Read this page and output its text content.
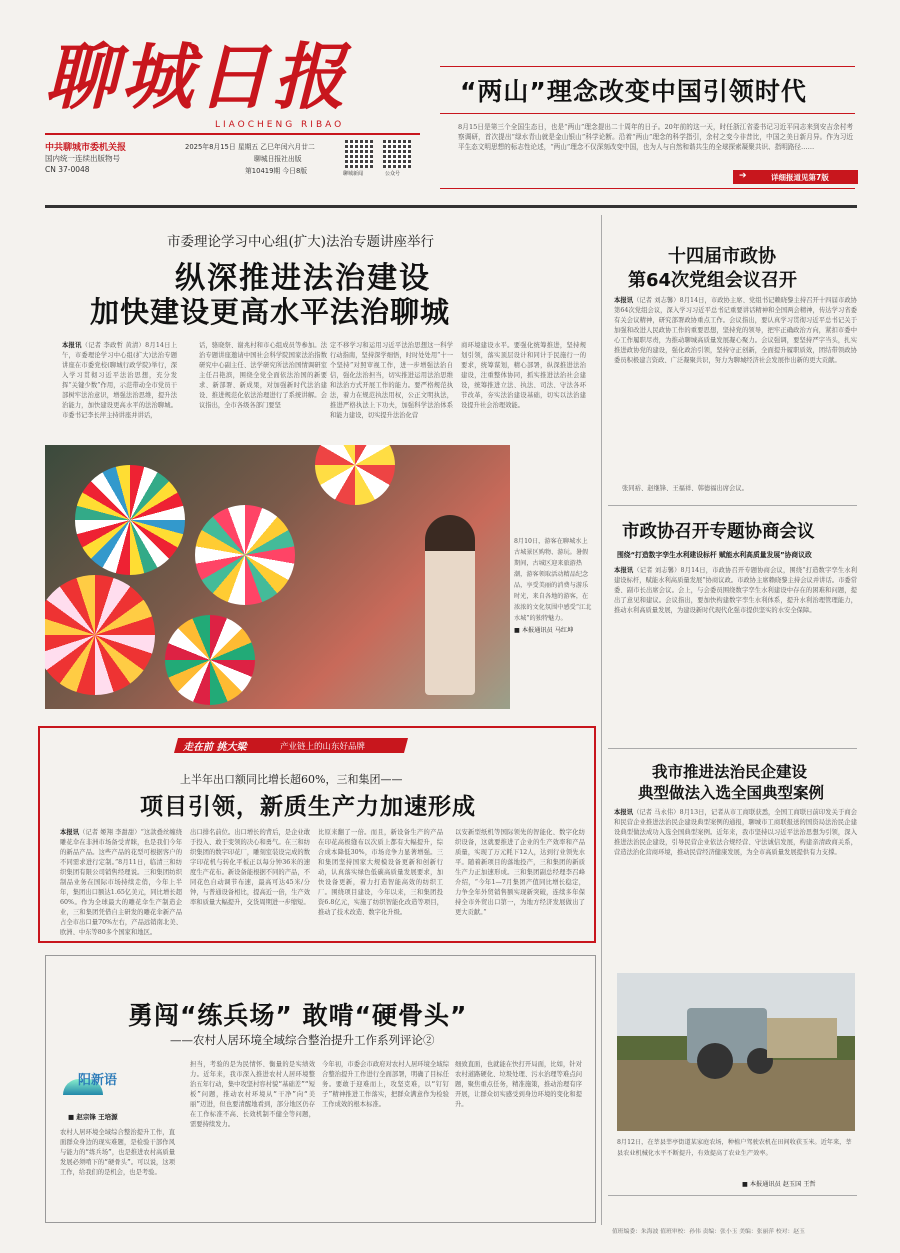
聊城日报
LIAOCHENG RIBAO
中共聊城市委机关报
国内统一连续出版物号
CN 37-0048
2025年8月15日 星期五 乙巳年闰六月廿二
聊城日报社出版
第10419期 今日8版	聊城新闻	公众号
“两山”理念改变中国引领时代
8月15日是第三个全国生态日，也是“两山”理念提出二十周年的日子。20年前的这一天，时任浙江省委书记习近平同志来到安吉余村考察调研，首次提出“绿水青山就是金山银山”科学论断。沿着“两山”理念的科学指引，余村之变今非昔比，中国之美日新月异。作为习近平生态文明思想的标志性论述，“两山”理念不仅深刻改变中国，也为人与自然和谐共生的全球探索凝聚共识、指明路径……
➔	详细报道见第7版
市委理论学习中心组(扩大)法治专题讲座举行
纵深推进法治建设
加快建设更高水平法治聊城
本报讯（记者 李政哲 黄清）8月14日上午，市委理论学习中心组(扩大)法治专题讲座在市委党校(聊城行政学院)举行，深入学习贯彻习近平法治思想，充分发挥“关键少数”作用，示范带动全市党员干部树牢法治意识，增强法治思维，提升法治能力，加快建设更高水平的法治聊城。 市委书记李长萍主持讲座并讲话，
话，骆晓祭、谢兆村和市心组成员等参加。法治专题讲座邀请中国社会科学院国家法治指数研究中心副主任、法学研究所法治国情调研室主任吕艳滨，围绕全党全面依法治国的新要求、新部署、新成果，对加强新时代法治建设、推进规范化依法治理进行了系统讲解。会议指出，全市各级各部门要坚
定不移学习和运用习近平法治思想这一科学行动指南，坚持深学细悟，时时处处用“十一个坚持”对照审视工作，进一步增强法治自信，强化法治担当，切实推进运用法治思维和法治方式开展工作的能力。要严格规范执法，着力在规范执法用权，公正文明执法，推进严格执法上下功夫，加强科学法治体系和能力建设，切实提升法治化营
商环境建设水平。要强化统筹推进，坚持规划引领，落实顶层设计和同计于民施行一的要求，统筹谋划，精心部署，纵深推进法治建设，注重整体协同，抓实推进法治社会建设，统筹推进立法、执法、司法、守法各环节改革，夯实法治建设基础，切实以法治建设提升社会治理效能。
8月10日，游客在聊城水上古城景区购物、游玩。暑假期间，古城区迎来旅游热潮，游客领取活动精品纪念品，享受美丽的消费与游乐时光，来自各地的游客，在浓浓的文化氛围中感受“江北水城”的独特魅力。
■ 本报通讯员 马红坤
走在前 挑大梁	产业链上的山东好品牌
上半年出口额同比增长超60%，三和集团——
项目引领，新质生产力加速形成
本报讯（记者 姬翔 李甜甜）“这款叠丝缠绕雕花伞在非洲市场备受青睐，也是我们今年的新品产品。这些产品的花型可根据客户的不同需求进行定制。”8月11日，临清三和纺织集团有限公司销售经理说。三和集团纺织制品业务在国际市场持续走俏，今年上半年，集团出口额达1.65亿美元，同比增长超60%。作为全球最大的雕花伞生产制造企业，三和集团凭借自主研发的雕花伞新产品占全市出口量70%左右，产品远销南北美、欧洲、中东等80多个国家和地区。
出口排名前位。出口增长的背后，是企业敢于投入、敢于变领的决心和勇气。在三和纺织集团的数字印花厂，雕刻室装设完成的数字印花机与转化平板正以每分钟36米的速度生产花布。新设备能根据不同的产品，不同花色自动调节布速，最高可达45米/分钟，与普通设备相比，提高近一倍，生产效率和质量大幅提升，交货周期进一步缩短。
比原来翻了一倍。而且，新设备生产的产品在印花高极缝布以次质上都有大幅提升，综合成本降低30%，市场竞争力显著增强。三和集团坚持国家大规模设备更新和创新行动，认真落实绿色低碳高质量发展要求，加快设备更新，着力打造智能高效的纺织工厂。围绕项目建设，今年以来，三和集团投资6.8亿元，实施了纺织智能化改造等项目，推动了技术改造、数字化升级。
以安新型纸机等国际领先的智能化、数字化纺织设备，这就要推进了企业的生产效率和产品质量，实现了万元耗下12人，达到行业领先水平。随着新项目的落地投产，三和集团的新质生产力正加速形成。三和集团副总经理李召峰介绍，“今年1—7月集团产值同比增长稳定，力争全年外贸销售额实现新突破，连续多年保持全市外贸出口第一，为地方经济发展做出了更大贡献。”
勇闯“练兵场” 敢啃“硬骨头”
——农村人居环境全域综合整治提升工作系列评论②
阳新语
■ 赵宗锋 王培源
农村人居环境全域综合整治提升工作，直面群众身边的现实难题，是检验干部作风与能力的“练兵场”，也是推进农村高质量发展必须啃下的“硬骨头”。可以说，这项工作，给我们的是机会，也是考验。
担当，考验的是为民情怀、衡量的是实绩效力。近年来，我市深入推进农村人居环境整治五年行动，集中攻坚村容村貌“基础差”“短板”问题，推动农村环境从“干净”向“美丽”迈进，但也要清醒地看到，部分地区仍存在工作标准不高、长效机制不健全等问题，需要持续发力。
今年初，市委会市政府对农村人居环境全域综合整治提升工作进行全面部署，明确了目标任务。要敢于迎难而上，攻坚克难，以“钉钉子”精神推进工作落实，把群众满意作为检验工作成效的根本标准。
细致直面，也就能在快打开局面，比如，针对农村道路硬化、垃圾处理、污水治理等难点问题，聚焦重点任务，精准施策，推动治理有序开展，让群众切实感受到身边环境的变化和提升。
十四届市政协
第64次党组会议召开
本报讯（记者 刘志馨）8月14日，市政协主席、党组书记赖晓黎主持召开十四届市政协第64次党组会议，深入学习习近平总书记重要讲话精神和全国两会精神，传达学习省委有关会议精神，研究部署政协重点工作。会议指出，要认真学习贯彻习近平总书记关于加强和改进人民政协工作的重要思想，坚持党的领导，把牢正确政治方向，紧扣市委中心工作履职尽责，为推动聊城高质量发展凝心聚力。会议强调，要坚持严字当头，扎实推进政协党的建设，强化政治引领，坚持守正创新，全面提升履职质效，团结带领政协委员积极建言资政、广泛凝聚共识，努力为聊城经济社会发展作出新的更大贡献。
张同裕、赵继锋、王福祥、韩德福出席会议。
市政协召开专题协商会议
围绕“打造数字孪生水利建设标杆 赋能水利高质量发展”协商议政
本报讯（记者 刘志馨）8月14日，市政协召开专题协商会议，围绕“打造数字孪生水利建设标杆，赋能水利高质量发展”协商议政。市政协主席赖晓黎主持会议并讲话。市委常委、副市长出席会议。会上，与会委员围绕数字孪生水利建设中存在的困难和问题，提出了意见和建议。会议指出，要加快构建数字孪生水利体系，提升水利治理管理能力，推动水利高质量发展，为建设新时代现代化强市提供坚实的水安全保障。
我市推进法治民企建设
典型做法入选全国典型案例
本报讯（记者 马永伟）8月13日，记者从市工商联获悉，全国工商联日前印发关于商会和民营企业推进法治民企建设典型案例的通报，聊城市工商联报送的国资局法治民企建设典型做法成功入选全国典型案例。近年来，我市坚持以习近平法治思想为引领，深入推进法治民企建设，引导民营企业依法合规经营、守法诚信发展，构建亲清政商关系，营造法治化营商环境，推动民营经济健康发展，为全市高质量发展提供有力支撑。
8月12日，在莘县莘亭街道某家庭农场，种植户驾驶农机在田间收获玉米。近年来，莘县农业机械化水平不断提升，有效提高了农业生产效率。
■ 本报通讯员 赵玉国 王哲
值班编委：朱海波 值班审校：孙伟 责编：张小玉 美编：张丽萍 校对：赵玉
